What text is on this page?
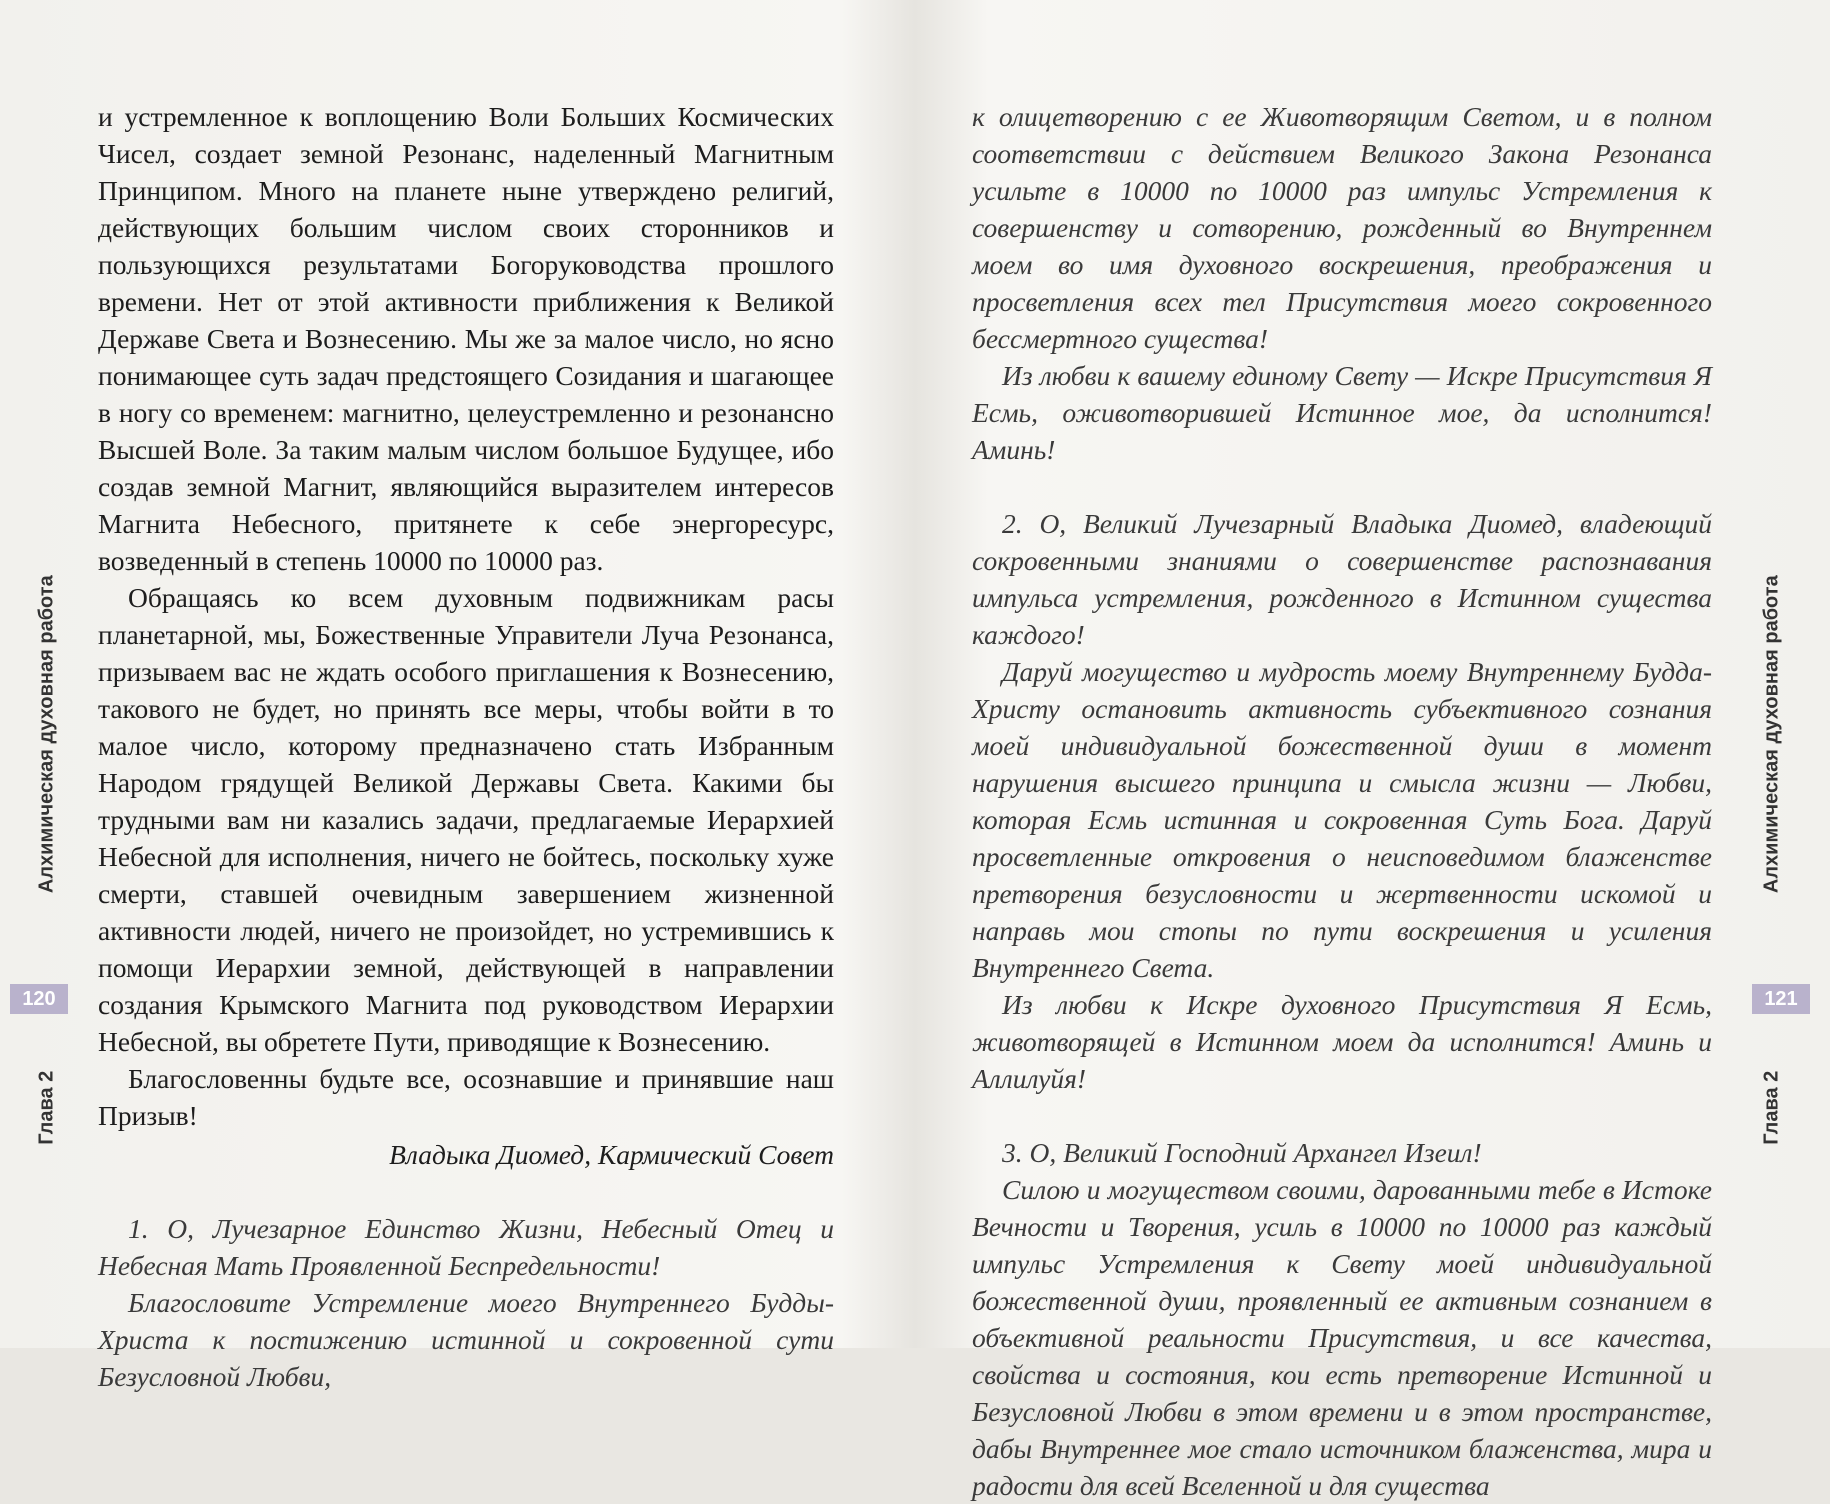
и устремленное к воплощению Воли Больших Космических Чисел, создает земной Резонанс, наделенный Магнитным Принципом. Много на планете ныне утверждено религий, действующих большим числом своих сторонников и пользующихся результатами Богоруководства прошлого времени. Нет от этой активности приближения к Великой Державе Света и Вознесению. Мы же за малое число, но ясно понимающее суть задач предстоящего Созидания и шагающее в ногу со временем: магнитно, целеустремленно и резонансно Высшей Воле. За таким малым числом большое Будущее, ибо создав земной Магнит, являющийся выразителем интересов Магнита Небесного, притянете к себе энергоресурс, возведенный в степень 10000 по 10000 раз.

Обращаясь ко всем духовным подвижникам расы планетарной, мы, Божественные Управители Луча Резонанса, призываем вас не ждать особого приглашения к Вознесению, такового не будет, но принять все меры, чтобы войти в то малое число, которому предназначено стать Избранным Народом грядущей Великой Державы Света. Какими бы трудными вам ни казались задачи, предлагаемые Иерархией Небесной для исполнения, ничего не бойтесь, поскольку хуже смерти, ставшей очевидным завершением жизненной активности людей, ничего не произойдет, но устремившись к помощи Иерархии земной, действующей в направлении создания Крымского Магнита под руководством Иерархии Небесной, вы обретете Пути, приводящие к Вознесению.

Благословенны будьте все, осознавшие и принявшие наш Призыв!

Владыка Диомед, Кармический Совет

1. О, Лучезарное Единство Жизни, Небесный Отец и Небесная Мать Проявленной Беспредельности!

Благословите Устремление моего Внутреннего Будды-Христа к постижению истинной и сокровенной сути Безусловной Любви,

к олицетворению с ее Животворящим Светом, и в полном соответствии с действием Великого Закона Резонанса усильте в 10000 по 10000 раз импульс Устремления к совершенству и сотворению, рожденный во Внутреннем моем во имя духовного воскрешения, преображения и просветления всех тел Присутствия моего сокровенного бессмертного существа!

Из любви к вашему единому Свету — Искре Присутствия Я Есмь, оживотворившей Истинное мое, да исполнится! Аминь!

2. О, Великий Лучезарный Владыка Диомед, владеющий сокровенными знаниями о совершенстве распознавания импульса устремления, рожденного в Истинном существа каждого!

Даруй могущество и мудрость моему Внутреннему Будда-Христу остановить активность субъективного сознания моей индивидуальной божественной души в момент нарушения высшего принципа и смысла жизни — Любви, которая Есмь истинная и сокровенная Суть Бога. Даруй просветленные откровения о неисповедимом блаженстве претворения безусловности и жертвенности искомой и направь мои стопы по пути воскрешения и усиления Внутреннего Света.

Из любви к Искре духовного Присутствия Я Есмь, животворящей в Истинном моем да исполнится! Аминь и Аллилуйя!

3. О, Великий Господний Архангел Изеил!

Силою и могуществом своими, дарованными тебе в Истоке Вечности и Творения, усиль в 10000 по 10000 раз каждый импульс Устремления к Свету моей индивидуальной божественной души, проявленный ее активным сознанием в объективной реальности Присутствия, и все качества, свойства и состояния, кои есть претворение Истинной и Безусловной Любви в этом времени и в этом пространстве, дабы Внутреннее мое стало источником блаженства, мира и радости для всей Вселенной и для существа

Глава 2 Алхимическая духовная работа
Глава 2 Алхимическая духовная работа
120	121
